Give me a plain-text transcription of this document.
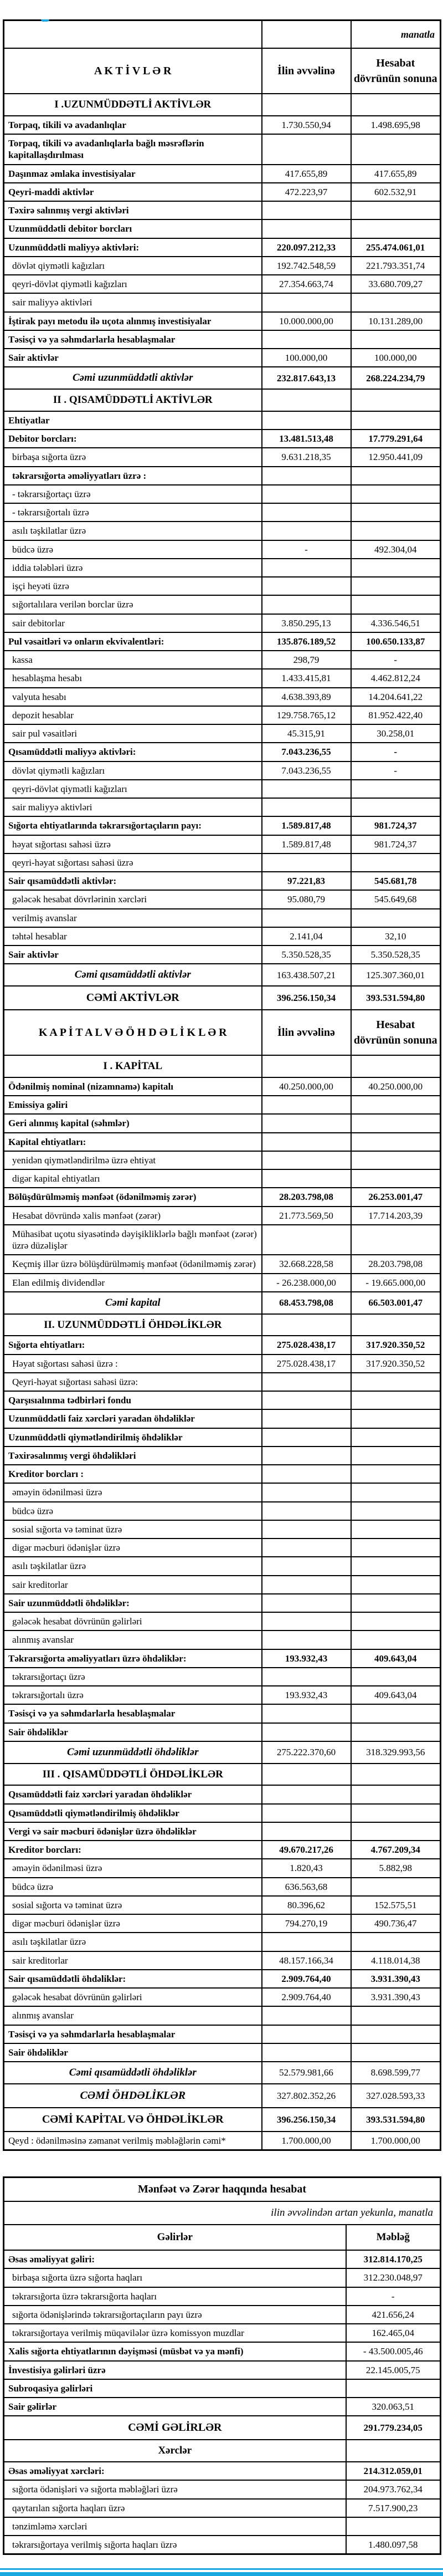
		manatla
A K T İ V L Ə R	İlin əvvəlinə	Hesabat dövrünün sonuna
I .UZUNMÜDDƏTLİ AKTİVLƏR		
Torpaq, tikili və avadanlıqlar	1.730.550,94	1.498.695,98
Torpaq, tikili və avadanlıqlarla bağlı məsrəflərin kapitallaşdırılması		
Daşınmaz əmlaka investisiyalar	417.655,89	417.655,89
Qeyri-maddi aktivlər	472.223,97	602.532,91
Təxirə salınmış vergi aktivləri		
Uzunmüddətli debitor borcları		
Uzunmüddətli maliyyə aktivləri:	220.097.212,33	255.474.061,01
dövlət qiymətli kağızları	192.742.548,59	221.793.351,74
qeyri-dövlət qiymətli kağızları	27.354.663,74	33.680.709,27
sair maliyyə aktivləri		
İştirak payı metodu ilə uçota alınmış investisiyalar	10.000.000,00	10.131.289,00
Təsisçi və ya səhmdarlarla hesablaşmalar		
Sair aktivlər	100.000,00	100.000,00
Cəmi uzunmüddətli aktivlər	232.817.643,13	268.224.234,79
II . QISAMÜDDƏTLİ AKTİVLƏR		
Ehtiyatlar		
Debitor borcları:	13.481.513,48	17.779.291,64
birbaşa sığorta üzrə	9.631.218,35	12.950.441,09
təkrarsığorta əməliyyatları üzrə :		
- təkrarsığortaçı üzrə		
- təkrarsığortalı üzrə		
asılı təşkilatlar üzrə		
büdcə üzrə	-	492.304,04
iddia tələbləri üzrə		
işçi heyəti üzrə		
sığortalılara verilən borclar üzrə		
sair debitorlar	3.850.295,13	4.336.546,51
Pul vəsaitləri və onların ekvivalentləri:	135.876.189,52	100.650.133,87
kassa	298,79	-
hesablaşma hesabı	1.433.415,81	4.462.812,24
valyuta hesabı	4.638.393,89	14.204.641,22
depozit hesablar	129.758.765,12	81.952.422,40
sair pul vəsaitləri	45.315,91	30.258,01
Qısamüddətli maliyyə aktivləri:	7.043.236,55	-
dövlət qiymətli kağızları	7.043.236,55	-
qeyri-dövlət qiymətli kağızları		
sair maliyyə aktivləri		
Sığorta ehtiyatlarında təkrarsığortaçıların payı:	1.589.817,48	981.724,37
həyat sığortası sahəsi üzrə	1.589.817,48	981.724,37
qeyri-həyat sığortası sahəsi üzrə		
Sair qısamüddətli aktivlər:	97.221,83	545.681,78
gələcək hesabat dövrlərinin xərcləri	95.080,79	545.649,68
verilmiş avanslar		
təhtəl hesablar	2.141,04	32,10
Sair aktivlər	5.350.528,35	5.350.528,35
Cəmi qısamüddətli aktivlər	163.438.507,21	125.307.360,01
CƏMİ AKTİVLƏR	396.256.150,34	393.531.594,80
K A P İ T A L V Ə Ö H D Ə L İ K L Ə R	İlin əvvəlinə	Hesabat dövrünün sonuna
I . KAPİTAL		
Ödənilmiş nominal (nizamnamə) kapitalı	40.250.000,00	40.250.000,00
Emissiya gəliri		
Geri alınmış kapital (səhmlər)		
Kapital ehtiyatları:		
yenidən qiymətləndirilmə üzrə ehtiyat		
digər kapital ehtiyatları		
Bölüşdürülməmiş mənfəət (ödənilməmiş zərər)	28.203.798,08	26.253.001,47
Hesabat dövründə xalis mənfəət (zərər)	21.773.569,50	17.714.203,39
Mühasibat uçotu siyasətində dəyişikliklərlə bağlı mənfəət (zərər) üzrə düzəlişlər		
Keçmiş illər üzrə bölüşdürülməmiş mənfəət (ödənilməmiş zərər)	32.668.228,58	28.203.798,08
Elan edilmiş dividendlər	- 26.238.000,00	- 19.665.000,00
Cəmi kapital	68.453.798,08	66.503.001,47
II. UZUNMÜDDƏTLİ ÖHDƏLİKLƏR		
Sığorta ehtiyatları:	275.028.438,17	317.920.350,52
Həyat sığortası sahəsi üzrə :	275.028.438,17	317.920.350,52
Qeyri-həyat sığortası sahəsi üzrə:		
Qarşısıalınma tədbirləri fondu		
Uzunmüddətli faiz xərcləri yaradan öhdəliklər		
Uzunmüddətli qiymətləndirilmiş öhdəliklər		
Təxirəsalınmış vergi öhdəlikləri		
Kreditor borcları :		
əməyin ödənilməsi üzrə		
büdcə üzrə		
sosial sığorta və təminat üzrə		
digər məcburi ödənişlər üzrə		
asılı təşkilatlar üzrə		
sair kreditorlar		
Sair uzunmüddətli öhdəliklər:		
gələcək hesabat dövrünün gəlirləri		
alınmış avanslar		
Təkrarsığorta əməliyyatları üzrə öhdəliklər:	193.932,43	409.643,04
təkrarsığortaçı üzrə		
təkrarsığortalı üzrə	193.932,43	409.643,04
Təsisçi və ya səhmdarlarla hesablaşmalar		
Sair öhdəliklər		
Cəmi uzunmüddətli öhdəliklər	275.222.370,60	318.329.993,56
III . QISAMÜDDƏTLİ ÖHDƏLİKLƏR		
Qısamüddətli faiz xərcləri yaradan öhdəliklər		
Qısamüddətli qiymətləndirilmiş öhdəliklər		
Vergi və sair məcburi ödənişlər üzrə öhdəliklər		
Kreditor borcları:	49.670.217,26	4.767.209,34
əməyin ödənilməsi üzrə	1.820,43	5.882,98
büdcə üzrə	636.563,68	
sosial sığorta və təminat üzrə	80.396,62	152.575,51
digər məcburi ödənişlər üzrə	794.270,19	490.736,47
asılı təşkilatlar üzrə		
sair kreditorlar	48.157.166,34	4.118.014,38
Sair qısamüddətli öhdəliklər:	2.909.764,40	3.931.390,43
gələcək hesabat dövrünün gəlirləri	2.909.764,40	3.931.390,43
alınmış avanslar		
Təsisçi və ya səhmdarlarla hesablaşmalar		
Sair öhdəliklər		
Cəmi qısamüddətli öhdəliklər	52.579.981,66	8.698.599,77
CƏMİ ÖHDƏLİKLƏR	327.802.352,26	327.028.593,33
CƏMİ KAPİTAL VƏ ÖHDƏLİKLƏR	396.256.150,34	393.531.594,80
Qeyd : ödənilməsinə zəmanət verilmiş məbləğlərin cəmi*	1.700.000,00	1.700.000,00
Mənfəət və Zərər haqqında hesabat	
ilin əvvəlindən artan yekunla, manatla	
Gəlirlər	Məbləğ
Əsas əməliyyat gəliri:	312.814.170,25
birbaşa sığorta üzrə sığorta haqları	312.230.048,97
təkrarsığorta üzrə təkrarsığorta haqları	-
sığorta ödənişlərində təkrarsığortaçıların payı üzrə	421.656,24
təkrarsığortaya verilmiş müqavilələr üzrə komissyon muzdlar	162.465,04
Xalis sığorta ehtiyatlarının dəyişməsi (müsbət və ya mənfi)	- 43.500.005,46
İnvestisiya gəlirləri üzrə	22.145.005,75
Subroqasiya gəlirləri	
Sair gəlirlər	320.063,51
CƏMİ GƏLİRLƏR	291.779.234,05
Xərclər	
Əsas əməliyyat xərcləri:	214.312.059,01
sığorta ödənişləri və sığorta məbləğləri üzrə	204.973.762,34
qaytarılan sığorta haqları üzrə	7.517.900,23
tənzimləmə xərcləri	
təkrarsığortaya verilmiş sığorta haqları üzrə	1.480.097,58
